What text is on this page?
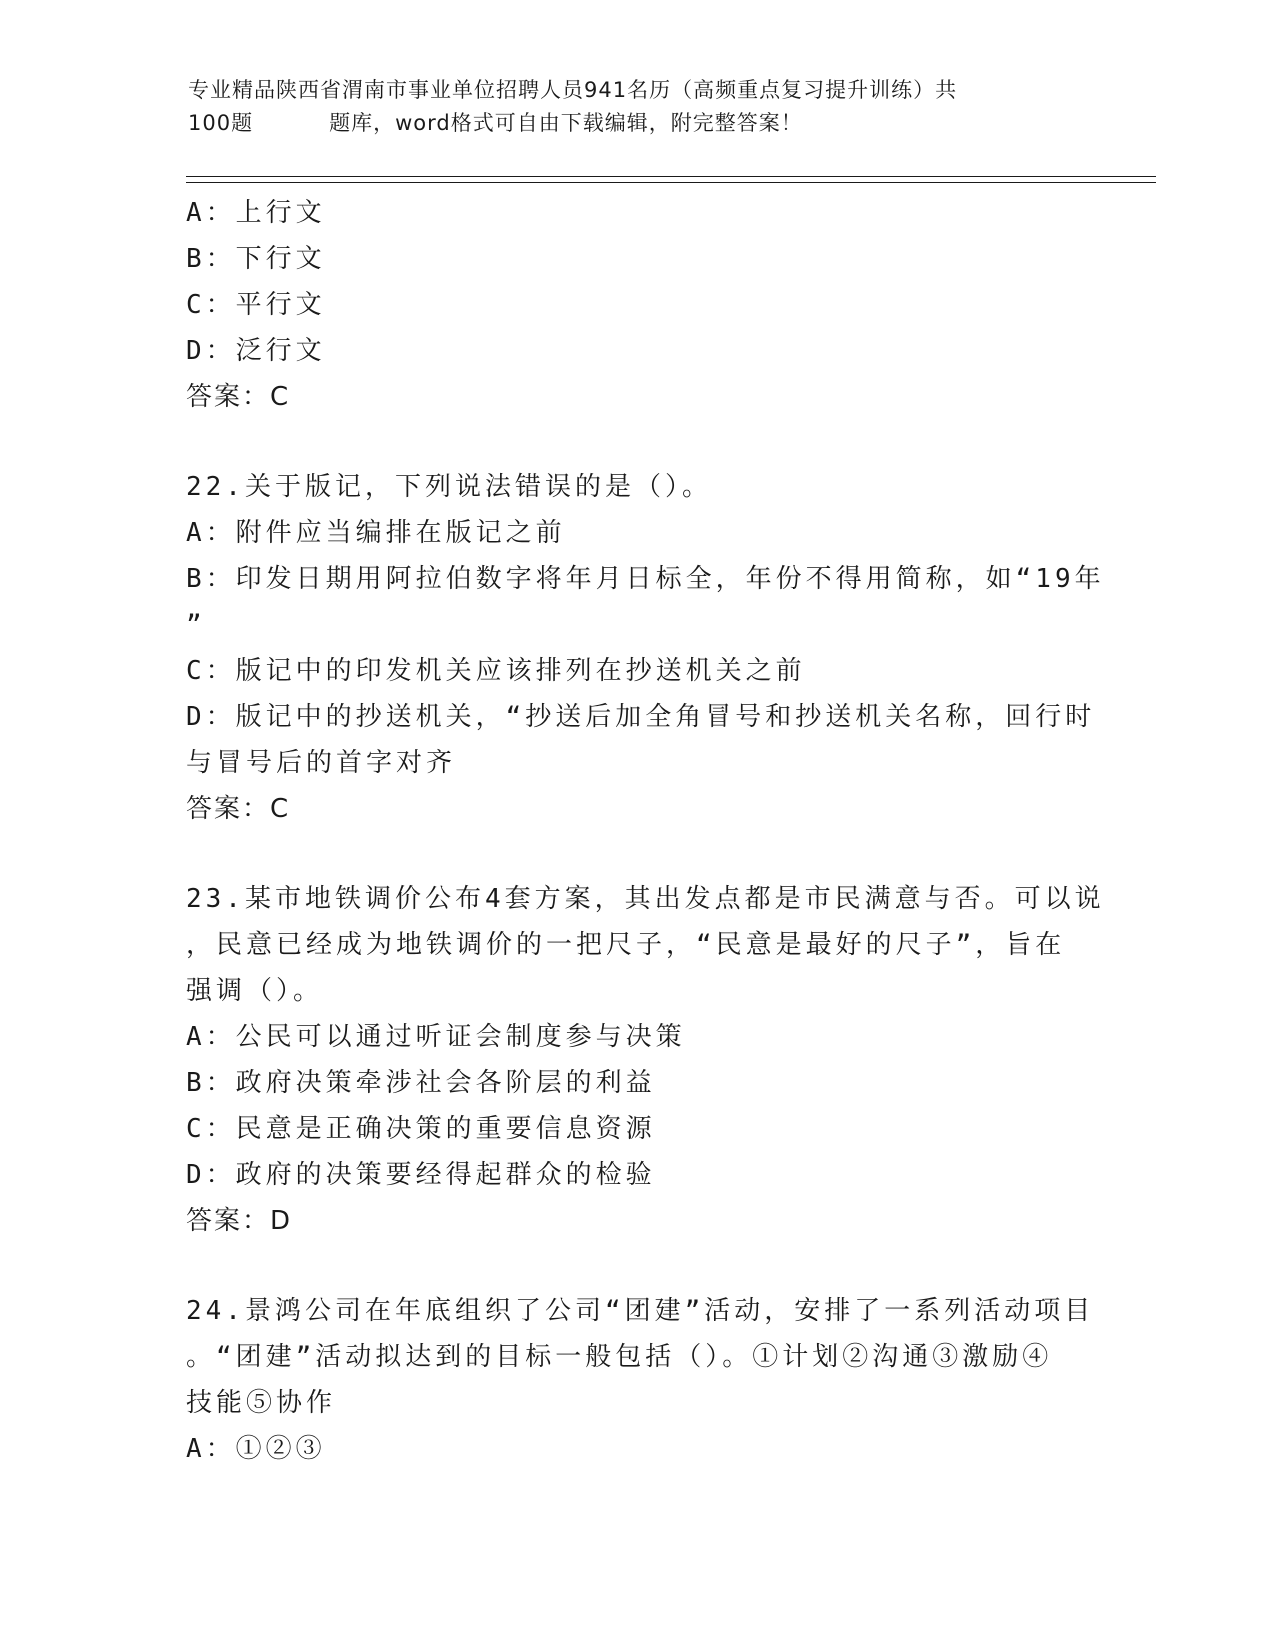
专业精品陕西省渭南市事业单位招聘人员941名历（高频重点复习提升训练）共
100题	题库，word格式可自由下载编辑，附完整答案！
A：上行文
B：下行文
C：平行文
D：泛行文
答案：C
22.关于版记，下列说法错误的是（）。
A：附件应当编排在版记之前
B：印发日期用阿拉伯数字将年月日标全，年份不得用简称，如“19年
”
C：版记中的印发机关应该排列在抄送机关之前
D：版记中的抄送机关，“抄送后加全角冒号和抄送机关名称，回行时
与冒号后的首字对齐
答案：C
23.某市地铁调价公布4套方案，其出发点都是市民满意与否。可以说
，民意已经成为地铁调价的一把尺子，“民意是最好的尺子”，旨在
强调（）。
A：公民可以通过听证会制度参与决策
B：政府决策牵涉社会各阶层的利益
C：民意是正确决策的重要信息资源
D：政府的决策要经得起群众的检验
答案：D
24.景鸿公司在年底组织了公司“团建”活动，安排了一系列活动项目
。“团建”活动拟达到的目标一般包括（）。①计划②沟通③激励④
技能⑤协作
A：①②③
